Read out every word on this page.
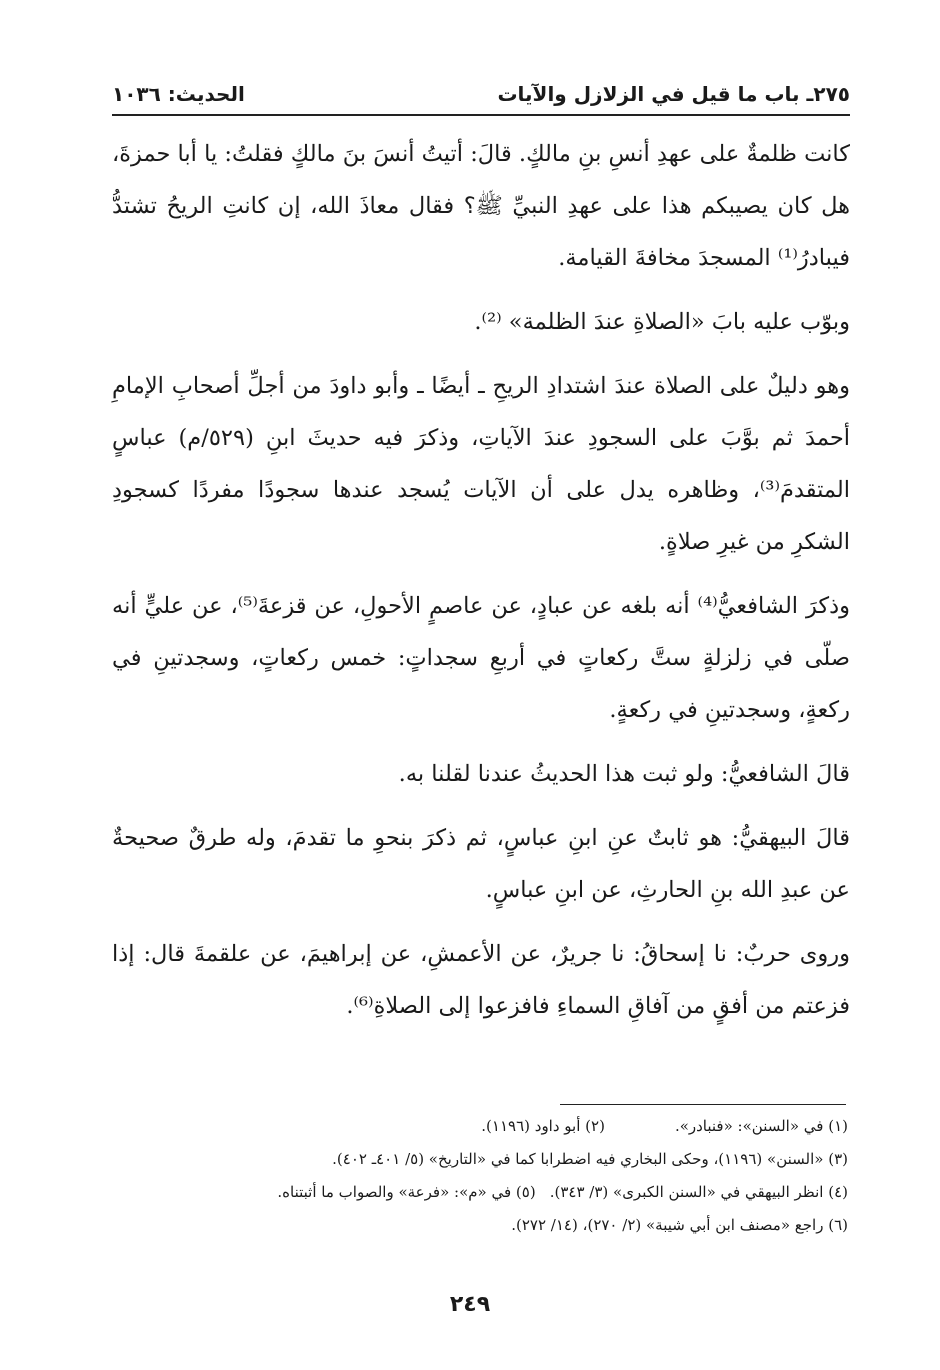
٢٧٥ـ باب ما قيل في الزلازل والآيات
الحديث: ١٠٣٦

كانت ظلمةٌ على عهدِ أنسِ بنِ مالكٍ. قالَ: أتيتُ أنسَ بنَ مالكٍ فقلتُ: يا أبا حمزةَ، هل كان يصيبكم هذا على عهدِ النبيِّ ﷺ؟ فقال معاذَ الله، إن كانتِ الريحُ تشتدُّ فيبادرُ⁽¹⁾ المسجدَ مخافةَ القيامة.

وبوّب عليه بابَ «الصلاةِ عندَ الظلمة» ⁽²⁾.

وهو دليلٌ على الصلاة عندَ اشتدادِ الريحِ ـ أيضًا ـ وأبو داودَ من أجلِّ أصحابِ الإمامِ أحمدَ ثم بوَّبَ على السجودِ عندَ الآياتِ، وذكرَ فيه حديثَ ابنِ (٥٢٩/م) عباسٍ المتقدمَ⁽³⁾، وظاهره يدل على أن الآيات يُسجد عندها سجودًا مفردًا كسجودِ الشكرِ من غيرِ صلاةٍ.

وذكرَ الشافعيُّ⁽⁴⁾ أنه بلغه عن عبادٍ، عن عاصمٍ الأحولِ، عن قزعةَ⁽⁵⁾، عن عليٍّ أنه صلّى في زلزلةٍ ستَّ ركعاتٍ في أربعِ سجداتٍ: خمس ركعاتٍ، وسجدتينِ في ركعةٍ، وسجدتينِ في ركعةٍ.

قالَ الشافعيُّ: ولو ثبت هذا الحديثُ عندنا لقلنا به.

قالَ البيهقيُّ: هو ثابتٌ عنِ ابنِ عباسٍ، ثم ذكرَ بنحوِ ما تقدمَ، وله طرقٌ صحيحةٌ عن عبدِ الله بنِ الحارثِ، عن ابنِ عباسٍ.

وروى حربٌ: نا إسحاقُ: نا جريرٌ، عن الأعمشِ، عن إبراهيمَ، عن علقمةَ قال: إذا فزعتم من أفقٍ من آفاقِ السماءِ فافزعوا إلى الصلاةِ⁽⁶⁾.

(١) في «السنن»: «فنبادر».
(٢) أبو داود (١١٩٦).
(٣) «السنن» (١١٩٦)، وحكى البخاري فيه اضطرابا كما في «التاريخ» (٥/ ٤٠١ـ ٤٠٢).
(٤) انظر البيهقي في «السنن الكبرى» (٣/ ٣٤٣).
(٥) في «م»: «فرعة» والصواب ما أثبتناه.
(٦) راجع «مصنف ابن أبي شيبة» (٢/ ٢٧٠)، (١٤/ ٢٧٢).
٢٤٩
